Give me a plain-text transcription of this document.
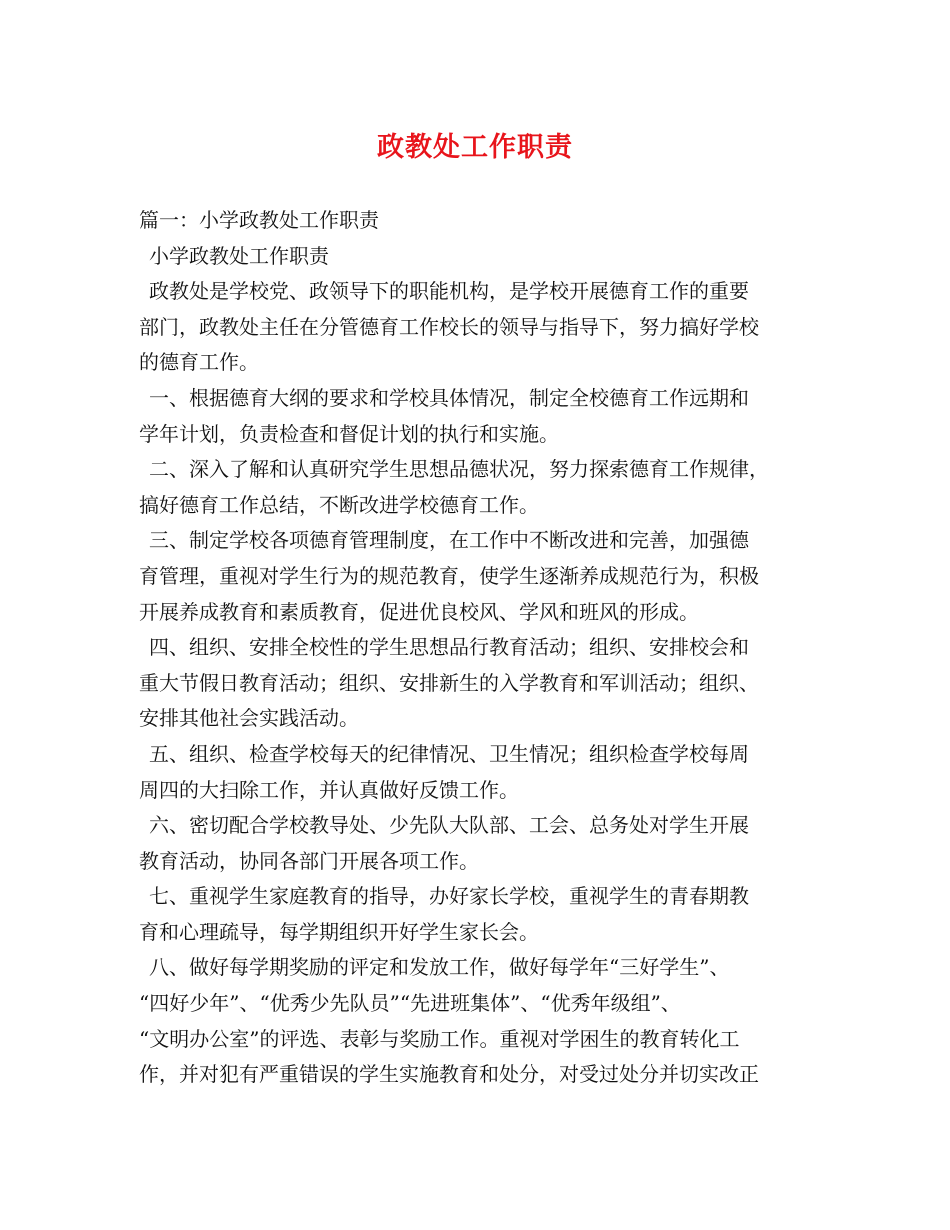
政教处工作职责
篇一：小学政教处工作职责
小学政教处工作职责
政教处是学校党、政领导下的职能机构，是学校开展德育工作的重要
部门，政教处主任在分管德育工作校长的领导与指导下，努力搞好学校
的德育工作。
一、根据德育大纲的要求和学校具体情况，制定全校德育工作远期和
学年计划，负责检查和督促计划的执行和实施。
二、深入了解和认真研究学生思想品德状况，努力探索德育工作规律，
搞好德育工作总结，不断改进学校德育工作。
三、制定学校各项德育管理制度，在工作中不断改进和完善，加强德
育管理，重视对学生行为的规范教育，使学生逐渐养成规范行为，积极
开展养成教育和素质教育，促进优良校风、学风和班风的形成。
四、组织、安排全校性的学生思想品行教育活动；组织、安排校会和
重大节假日教育活动；组织、安排新生的入学教育和军训活动；组织、
安排其他社会实践活动。
五、组织、检查学校每天的纪律情况、卫生情况；组织检查学校每周
周四的大扫除工作，并认真做好反馈工作。
六、密切配合学校教导处、少先队大队部、工会、总务处对学生开展
教育活动，协同各部门开展各项工作。
七、重视学生家庭教育的指导，办好家长学校，重视学生的青春期教
育和心理疏导，每学期组织开好学生家长会。
八、做好每学期奖励的评定和发放工作，做好每学年“三好学生”、
“四好少年”、“优秀少先队员”“先进班集体”、“优秀年级组”、
“文明办公室”的评选、表彰与奖励工作。重视对学困生的教育转化工
作，并对犯有严重错误的学生实施教育和处分，对受过处分并切实改正
